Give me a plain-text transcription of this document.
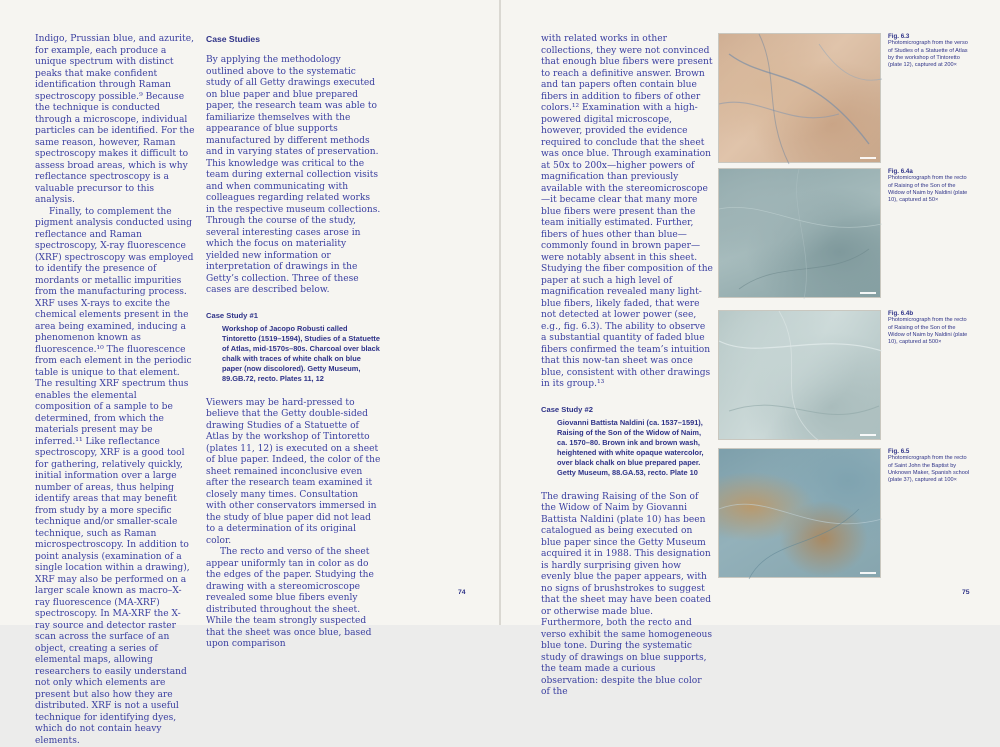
Indigo, Prussian blue, and azurite, for example, each produce a unique spectrum with distinct peaks that make confident identification through Raman spectroscopy possible.⁹ Because the technique is conducted through a microscope, individual particles can be identified. For the same reason, however, Raman spectroscopy makes it difficult to assess broad areas, which is why reflectance spectroscopy is a valuable precursor to this analysis.

Finally, to complement the pigment analysis conducted using reflectance and Raman spectroscopy, X-ray fluorescence (XRF) spectroscopy was employed to identify the presence of mordants or metallic impurities from the manufacturing process. XRF uses X-rays to excite the chemical elements present in the area being examined, inducing a phenomenon known as fluorescence.¹⁰ The fluorescence from each element in the periodic table is unique to that element. The resulting XRF spectrum thus enables the elemental composition of a sample to be determined, from which the materials present may be inferred.¹¹ Like reflectance spectroscopy, XRF is a good tool for gathering, relatively quickly, initial information over a large number of areas, thus helping identify areas that may benefit from study by a more specific technique and/or smaller-scale technique, such as Raman microspectroscopy. In addition to point analysis (examination of a single location within a drawing), XRF may also be performed on a larger scale known as macro–X-ray fluorescence (MA-XRF) spectroscopy. In MA-XRF the X-ray source and detector raster scan across the surface of an object, creating a series of elemental maps, allowing researchers to easily understand not only which elements are present but also how they are distributed. XRF is not a useful technique for identifying dyes, which do not contain heavy elements.

Case Studies

By applying the methodology outlined above to the systematic study of all Getty drawings executed on blue paper and blue prepared paper, the research team was able to familiarize themselves with the appearance of blue supports manufactured by different methods and in varying states of preservation. This knowledge was critical to the team during external collection visits and when communicating with colleagues regarding related works in the respective museum collections. Through the course of the study, several interesting cases arose in which the focus on materiality yielded new information or interpretation of drawings in the Getty’s collection. Three of these cases are described below.

Case Study #1
Workshop of Jacopo Robusti called Tintoretto (1519–1594), Studies of a Statuette of Atlas, mid-1570s–80s. Charcoal over black chalk with traces of white chalk on blue paper (now discolored). Getty Museum, 89.GB.72, recto. Plates 11, 12

Viewers may be hard-pressed to believe that the Getty double-sided drawing Studies of a Statuette of Atlas by the workshop of Tintoretto (plates 11, 12) is executed on a sheet of blue paper. Indeed, the color of the sheet remained inconclusive even after the research team examined it closely many times. Consultation with other conservators immersed in the study of blue paper did not lead to a determination of its original color.

The recto and verso of the sheet appear uniformly tan in color as do the edges of the paper. Studying the drawing with a stereomicroscope revealed some blue fibers evenly distributed throughout the sheet. While the team strongly suspected that the sheet was once blue, based upon comparison

74

with related works in other collections, they were not convinced that enough blue fibers were present to reach a definitive answer. Brown and tan papers often contain blue fibers in addition to fibers of other colors.¹² Examination with a high-powered digital microscope, however, provided the evidence required to conclude that the sheet was once blue. Through examination at 50x to 200x—higher powers of magnification than previously available with the stereomicroscope—it became clear that many more blue fibers were present than the team initially estimated. Further, fibers of hues other than blue—commonly found in brown paper—were notably absent in this sheet. Studying the fiber composition of the paper at such a high level of magnification revealed many light-blue fibers, likely faded, that were not detected at lower power (see, e.g., fig. 6.3). The ability to observe a substantial quantity of faded blue fibers confirmed the team’s intuition that this now-tan sheet was once blue, consistent with other drawings in its group.¹³

Case Study #2
Giovanni Battista Naldini (ca. 1537–1591), Raising of the Son of the Widow of Naim, ca. 1570–80. Brown ink and brown wash, heightened with white opaque watercolor, over black chalk on blue prepared paper. Getty Museum, 88.GA.53, recto. Plate 10

The drawing Raising of the Son of the Widow of Naim by Giovanni Battista Naldini (plate 10) has been catalogued as being executed on blue paper since the Getty Museum acquired it in 1988. This designation is hardly surprising given how evenly blue the paper appears, with no signs of brushstrokes to suggest that the sheet may have been coated or otherwise made blue. Furthermore, both the recto and verso exhibit the same homogeneous blue tone. During the systematic study of drawings on blue supports, the team made a curious observation: despite the blue color of the

Fig. 6.3
Photomicrograph from the verso of Studies of a Statuette of Atlas by the workshop of Tintoretto (plate 12), captured at 200×
Fig. 6.4a
Photomicrograph from the recto of Raising of the Son of the Widow of Naim by Naldini (plate 10), captured at 50×
Fig. 6.4b
Photomicrograph from the recto of Raising of the Son of the Widow of Naim by Naldini (plate 10), captured at 500×
Fig. 6.5
Photomicrograph from the recto of Saint John the Baptist by Unknown Maker, Spanish school (plate 37), captured at 100×
75
